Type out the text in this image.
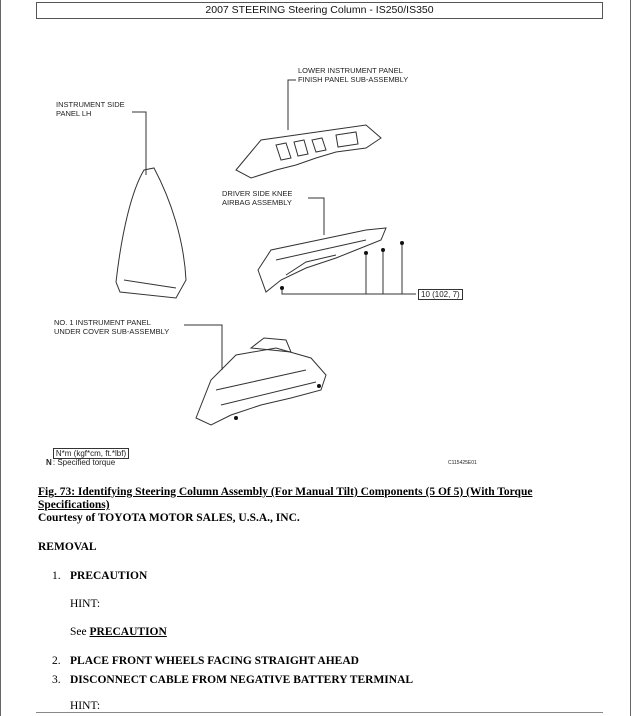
2007 STEERING Steering Column - IS250/IS350
LOWER INSTRUMENT PANEL
FINISH PANEL SUB-ASSEMBLY
INSTRUMENT SIDE
PANEL LH
DRIVER SIDE KNEE
AIRBAG ASSEMBLY
NO. 1 INSTRUMENT PANEL
UNDER COVER SUB-ASSEMBLY
10 (102, 7)

N*m (kgf*cm, ft.*lbf)
: Specified torque

N	C115425E01
Fig. 73: Identifying Steering Column Assembly (For Manual Tilt) Components (5 Of 5) (With Torque Specifications)
Courtesy of TOYOTA MOTOR SALES, U.S.A., INC.
REMOVAL
1. PRECAUTION
HINT:
See PRECAUTION
2. PLACE FRONT WHEELS FACING STRAIGHT AHEAD
3. DISCONNECT CABLE FROM NEGATIVE BATTERY TERMINAL
HINT:
